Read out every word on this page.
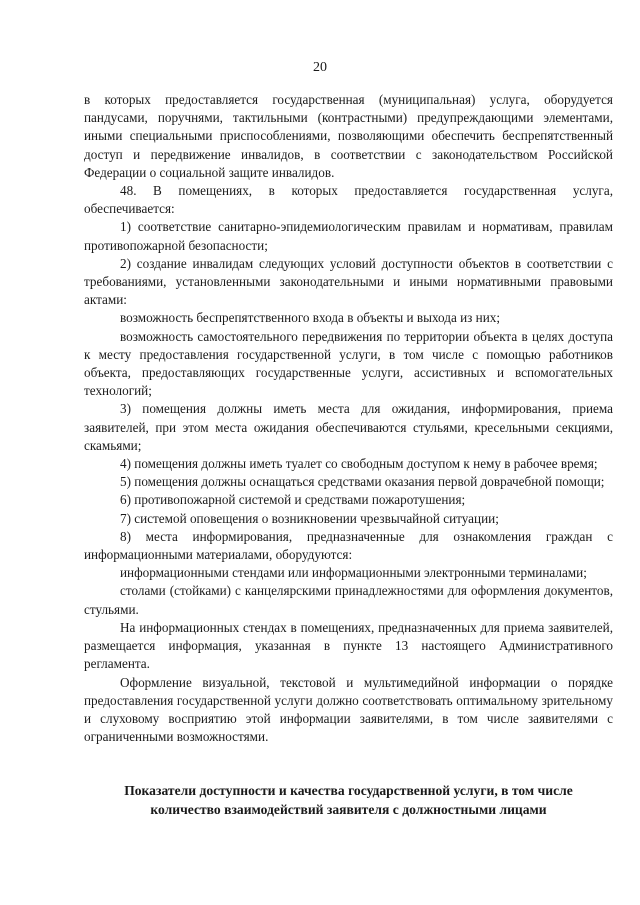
20

в которых предоставляется государственная (муниципальная) услуга, оборудуется пандусами, поручнями, тактильными (контрастными) предупреждающими элементами, иными специальными приспособлениями, позволяющими обеспечить беспрепятственный доступ и передвижение инвалидов, в соответствии с законодательством Российской Федерации о социальной защите инвалидов.

48. В помещениях, в которых предоставляется государственная услуга, обеспечивается:

1) соответствие санитарно-эпидемиологическим правилам и нормативам, правилам противопожарной безопасности;

2) создание инвалидам следующих условий доступности объектов в соответствии с требованиями, установленными законодательными и иными нормативными правовыми актами:

возможность беспрепятственного входа в объекты и выхода из них;

возможность самостоятельного передвижения по территории объекта в целях доступа к месту предоставления государственной услуги, в том числе с помощью работников объекта, предоставляющих государственные услуги, ассистивных и вспомогательных технологий;

3) помещения должны иметь места для ожидания, информирования, приема заявителей, при этом места ожидания обеспечиваются стульями, кресельными секциями, скамьями;

4) помещения должны иметь туалет со свободным доступом к нему в рабочее время;

5) помещения должны оснащаться средствами оказания первой доврачебной помощи;

6) противопожарной системой и средствами пожаротушения;

7) системой оповещения о возникновении чрезвычайной ситуации;

8) места информирования, предназначенные для ознакомления граждан с информационными материалами, оборудуются:

информационными стендами или информационными электронными терминалами;

столами (стойками) с канцелярскими принадлежностями для оформления документов, стульями.

На информационных стендах в помещениях, предназначенных для приема заявителей, размещается информация, указанная в пункте 13 настоящего Административного регламента.

Оформление визуальной, текстовой и мультимедийной информации о порядке предоставления государственной услуги должно соответствовать оптимальному зрительному и слуховому восприятию этой информации заявителями, в том числе заявителями с ограниченными возможностями.

Показатели доступности и качества государственной услуги, в том числе
количество взаимодействий заявителя с должностными лицами
